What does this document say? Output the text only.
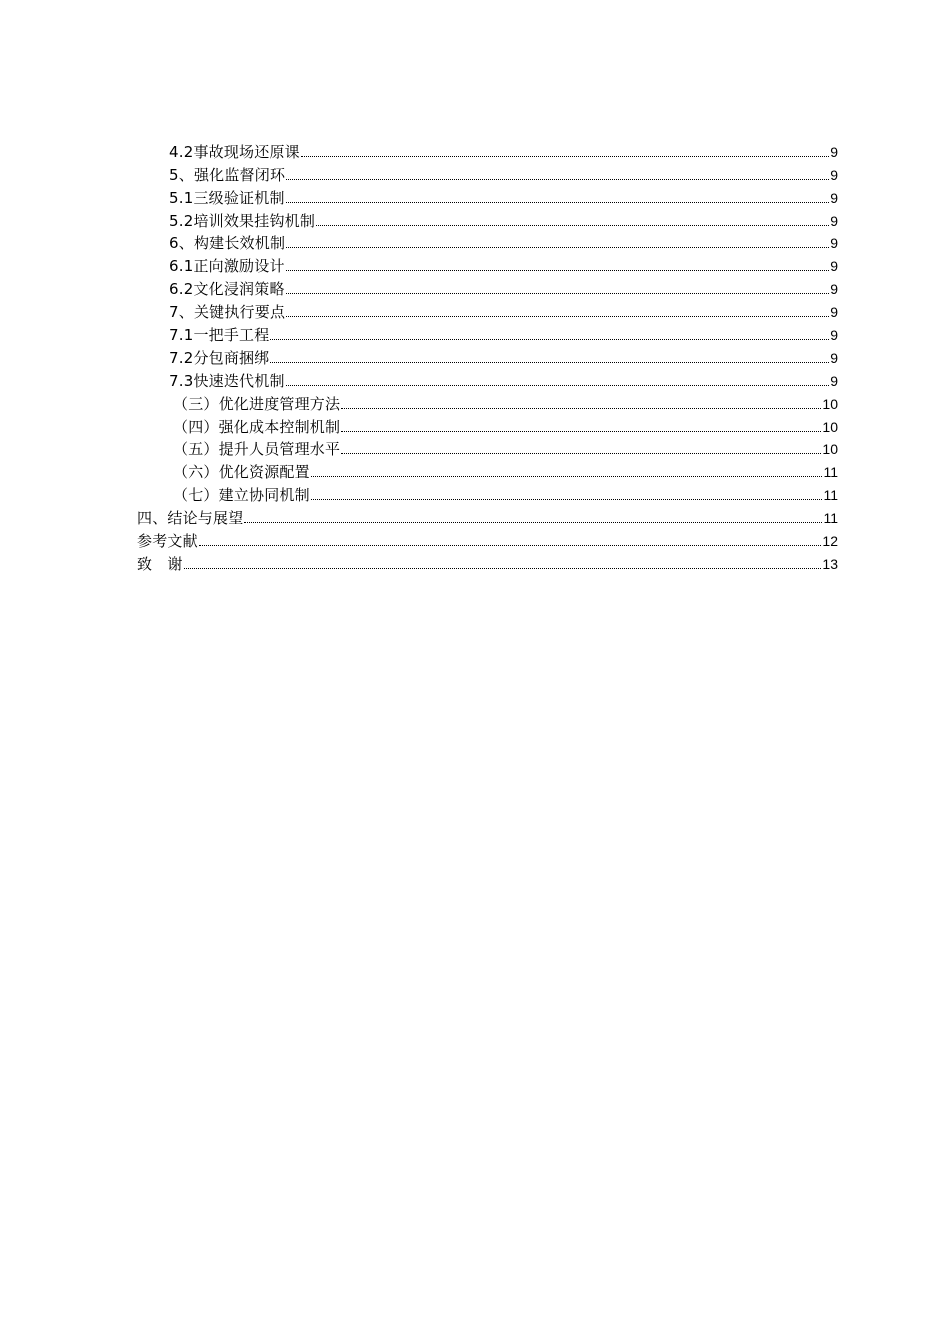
4.2事故现场还原课	9
5、强化监督闭环	9
5.1三级验证机制	9
5.2培训效果挂钩机制	9
6、构建长效机制	9
6.1正向激励设计	9
6.2文化浸润策略	9
7、关键执行要点	9
7.1一把手工程	9
7.2分包商捆绑	9
7.3快速迭代机制	9
（三）优化进度管理方法	10
（四）强化成本控制机制	10
（五）提升人员管理水平	10
（六）优化资源配置	11
（七）建立协同机制	11
四、结论与展望	11
参考文献	12
致　谢	13
